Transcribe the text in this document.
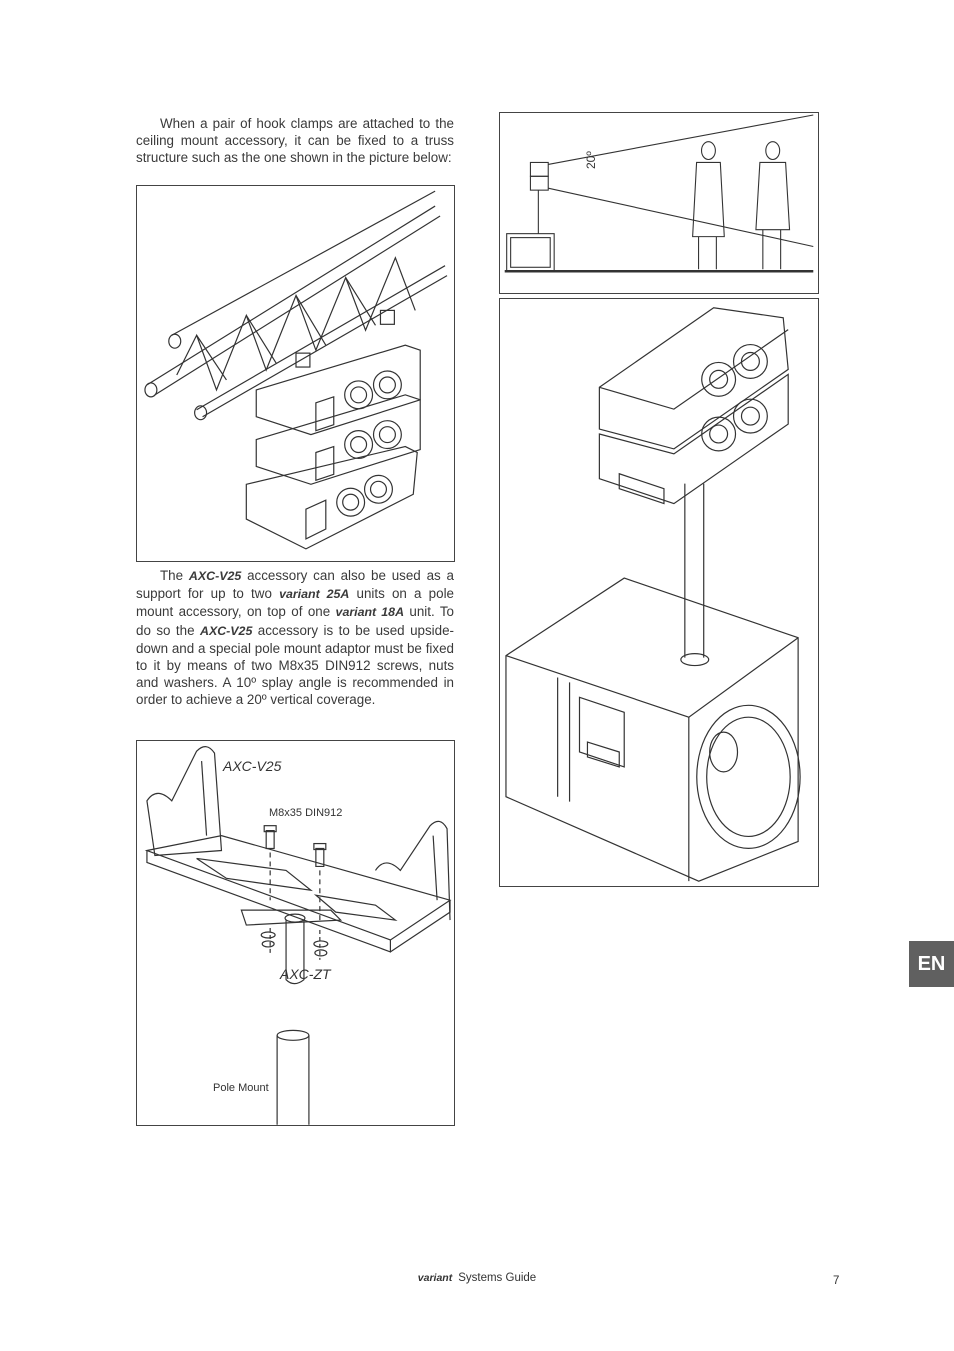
When a pair of hook clamps are attached to the ceiling mount accessory, it can be fixed to a truss structure such as the one shown in the picture below:

The AXC-V25 accessory can also be used as a support for up to two variant 25A units on a pole mount accessory, on top of one variant 18A unit. To do so the AXC-V25 accessory is to be used upside-down and a special pole mount adaptor must be fixed to it by means of two M8x35 DIN912 screws, nuts and washers. A 10º splay angle is recommended in order to achieve a 20º vertical coverage.

AXC-V25
M8x35 DIN912
AXC-ZT
Pole Mount
20º
EN
variant Systems Guide	7
